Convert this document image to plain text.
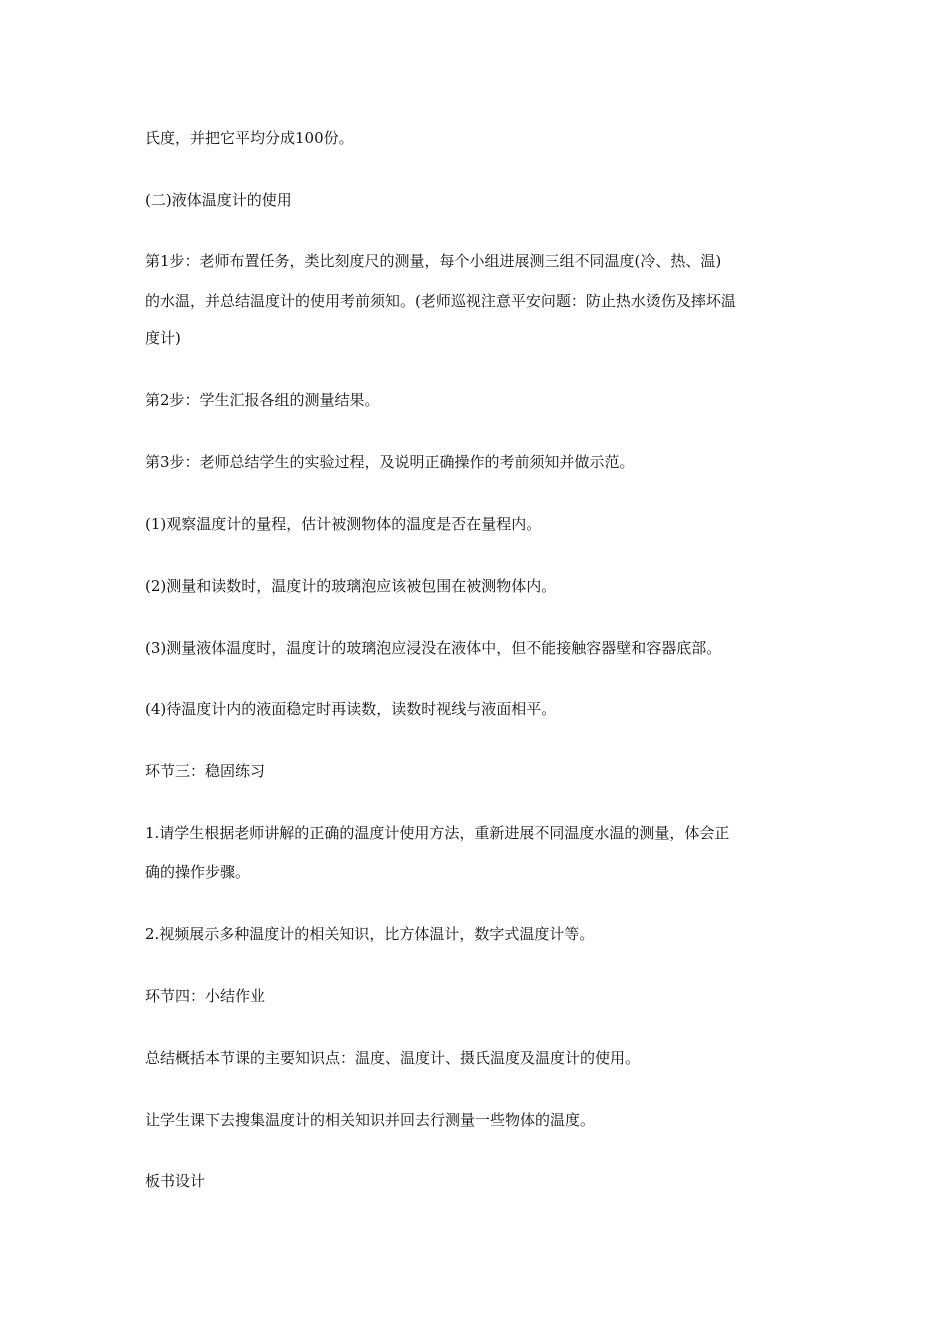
氏度，并把它平均分成100份。

(二)液体温度计的使用

第1步：老师布置任务，类比刻度尺的测量，每个小组进展测三组不同温度(冷、热、温)

的水温，并总结温度计的使用考前须知。(老师巡视注意平安问题：防止热水烫伤及摔坏温

度计)

第2步：学生汇报各组的测量结果。

第3步：老师总结学生的实验过程，及说明正确操作的考前须知并做示范。

(1)观察温度计的量程，估计被测物体的温度是否在量程内。

(2)测量和读数时，温度计的玻璃泡应该被包围在被测物体内。

(3)测量液体温度时，温度计的玻璃泡应浸没在液体中，但不能接触容器壁和容器底部。

(4)待温度计内的液面稳定时再读数，读数时视线与液面相平。

环节三：稳固练习

1.请学生根据老师讲解的正确的温度计使用方法，重新进展不同温度水温的测量，体会正

确的操作步骤。

2.视频展示多种温度计的相关知识，比方体温计，数字式温度计等。

环节四：小结作业

总结概括本节课的主要知识点：温度、温度计、摄氏温度及温度计的使用。

让学生课下去搜集温度计的相关知识并回去行测量一些物体的温度。

板书设计
